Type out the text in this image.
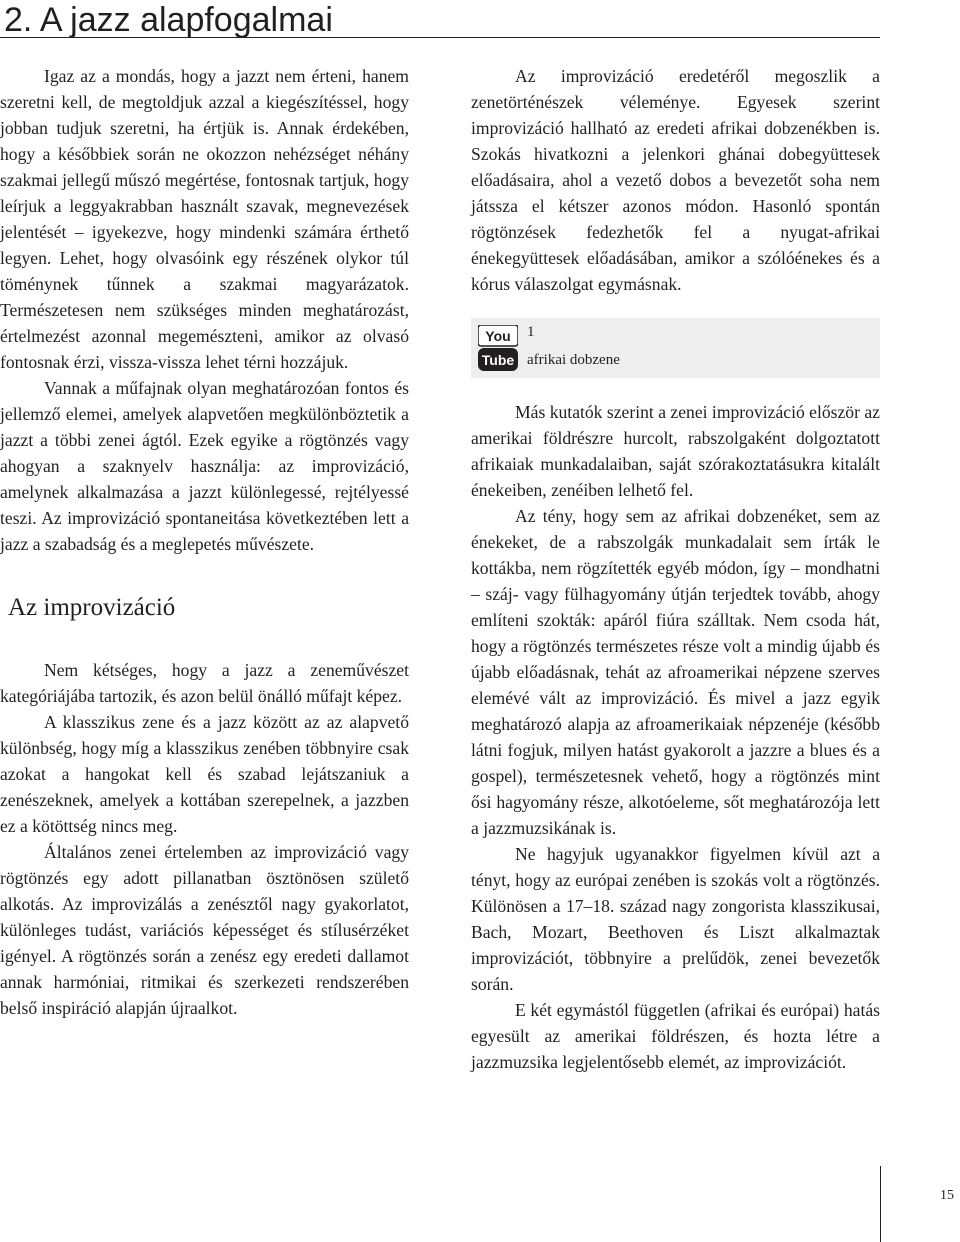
2. A jazz alapfogalmai

Igaz az a mondás, hogy a jazzt nem érteni, hanem szeretni kell, de megtoldjuk azzal a kiegészítéssel, hogy jobban tudjuk szeretni, ha értjük is. Annak érdekében, hogy a későbbiek során ne okozzon nehézséget néhány szakmai jellegű műszó megértése, fontosnak tartjuk, hogy leírjuk a leggyakrabban használt szavak, megnevezések jelentését – igyekezve, hogy mindenki számára érthető legyen. Lehet, hogy olvasóink egy részének olykor túl töménynek tűnnek a szakmai magyarázatok. Természetesen nem szükséges minden meghatározást, értelmezést azonnal megemészteni, amikor az olvasó fontosnak érzi, vissza-vissza lehet térni hozzájuk.

Vannak a műfajnak olyan meghatározóan fontos és jellemző elemei, amelyek alapvetően megkülönböztetik a jazzt a többi zenei ágtól. Ezek egyike a rögtönzés vagy ahogyan a szaknyelv használja: az improvizáció, amelynek alkalmazása a jazzt különlegessé, rejtélyessé teszi. Az improvizáció spontaneitása következtében lett a jazz a szabadság és a meglepetés művészete.

Az improvizáció

Nem kétséges, hogy a jazz a zeneművészet kategóriájába tartozik, és azon belül önálló műfajt képez.

A klasszikus zene és a jazz között az az alapvető különbség, hogy míg a klasszikus zenében többnyire csak azokat a hangokat kell és szabad lejátszaniuk a zenészeknek, amelyek a kottában szerepelnek, a jazzben ez a kötöttség nincs meg.

Általános zenei értelemben az improvizáció vagy rögtönzés egy adott pillanatban ösztönösen születő alkotás. Az improvizálás a zenésztől nagy gyakorlatot, különleges tudást, variációs képességet és stílusérzéket igényel. A rögtönzés során a zenész egy eredeti dallamot annak harmóniai, ritmikai és szerkezeti rendszerében belső inspiráció alapján újraalkot.

Az improvizáció eredetéről megoszlik a zenetörténészek véleménye. Egyesek szerint improvizáció hallható az eredeti afrikai dobzenékben is. Szokás hivatkozni a jelenkori ghánai dobegyüttesek előadásaira, ahol a vezető dobos a bevezetőt soha nem játssza el kétszer azonos módon. Hasonló spontán rögtönzések fedezhetők fel a nyugat-afrikai énekegyüttesek előadásában, amikor a szólóénekes és a kórus válaszolgat egymásnak.

You
Tube
1
afrikai dobzene

Más kutatók szerint a zenei improvizáció először az amerikai földrészre hurcolt, rabszolgaként dolgoztatott afrikaiak munkadalaiban, saját szórakoztatásukra kitalált énekeiben, zenéiben lelhető fel.

Az tény, hogy sem az afrikai dobzenéket, sem az énekeket, de a rabszolgák munkadalait sem írták le kottákba, nem rögzítették egyéb módon, így – mondhatni – száj- vagy fülhagyomány útján terjedtek tovább, ahogy említeni szokták: apáról fiúra szálltak. Nem csoda hát, hogy a rögtönzés természetes része volt a mindig újabb és újabb előadásnak, tehát az afroamerikai népzene szerves elemévé vált az improvizáció. És mivel a jazz egyik meghatározó alapja az afroamerikaiak népzenéje (később látni fogjuk, milyen hatást gyakorolt a jazzre a blues és a gospel), természetesnek vehető, hogy a rögtönzés mint ősi hagyomány része, alkotóeleme, sőt meghatározója lett a jazzmuzsikának is.

Ne hagyjuk ugyanakkor figyelmen kívül azt a tényt, hogy az európai zenében is szokás volt a rögtönzés. Különösen a 17–18. század nagy zongorista klasszikusai, Bach, Mozart, Beethoven és Liszt alkalmaztak improvizációt, többnyire a prelűdök, zenei bevezetők során.

E két egymástól független (afrikai és európai) hatás egyesült az amerikai földrészen, és hozta létre a jazzmuzsika legjelentősebb elemét, az improvizációt.

15
